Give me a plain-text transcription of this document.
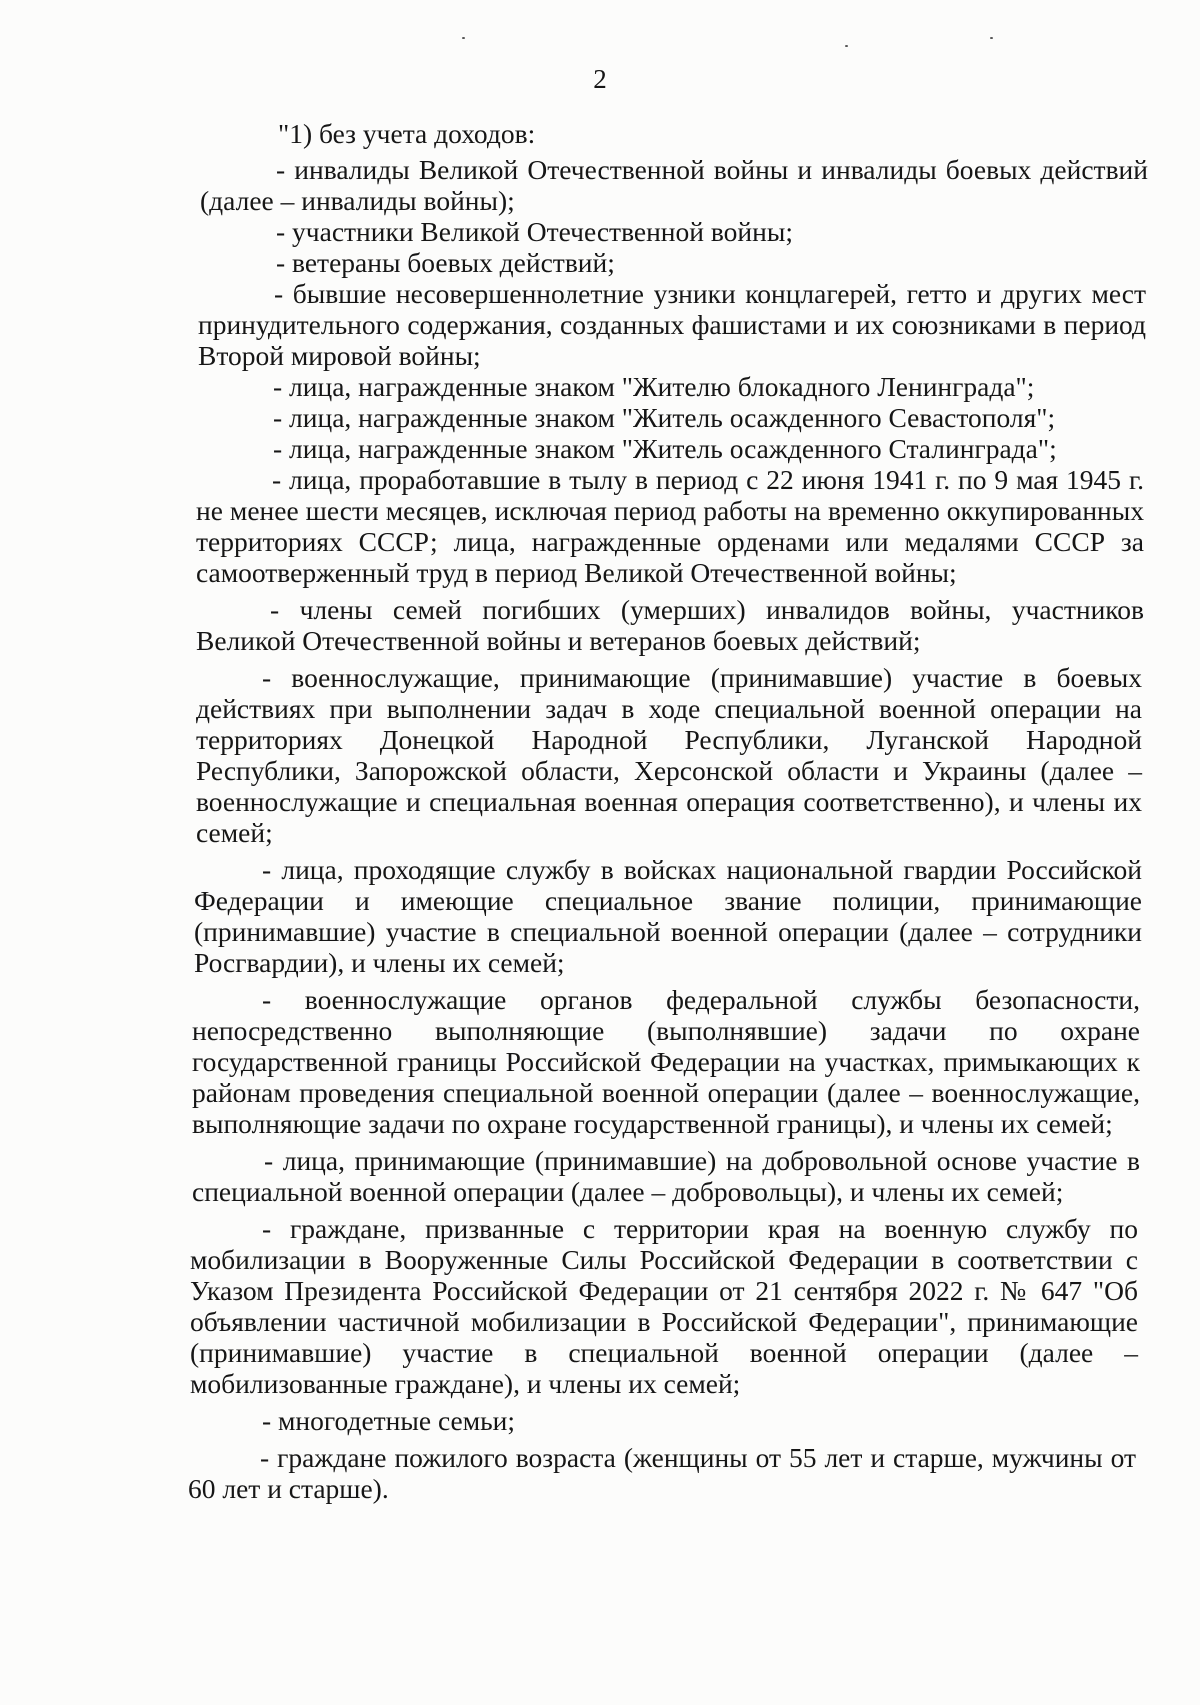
2

"1) без учета доходов:

- инвалиды Великой Отечественной войны и инвалиды боевых действий (далее – инвалиды войны);

- участники Великой Отечественной войны;

- ветераны боевых действий;

- бывшие несовершеннолетние узники концлагерей, гетто и других мест принудительного содержания, созданных фашистами и их союзниками в период Второй мировой войны;

- лица, награжденные знаком "Жителю блокадного Ленинграда";

- лица, награжденные знаком "Житель осажденного Севастополя";

- лица, награжденные знаком "Житель осажденного Сталинграда";

- лица, проработавшие в тылу в период с 22 июня 1941 г. по 9 мая 1945 г. не менее шести месяцев, исключая период работы на временно оккупированных территориях СССР; лица, награжденные орденами или медалями СССР за самоотверженный труд в период Великой Отечественной войны;

- члены семей погибших (умерших) инвалидов войны, участников Великой Отечественной войны и ветеранов боевых действий;

- военнослужащие, принимающие (принимавшие) участие в боевых действиях при выполнении задач в ходе специальной военной операции на территориях Донецкой Народной Республики, Луганской Народной Республики, Запорожской области, Херсонской области и Украины (далее – военнослужащие и специальная военная операция соответственно), и члены их семей;

- лица, проходящие службу в войсках национальной гвардии Российской Федерации и имеющие специальное звание полиции, принимающие (принимавшие) участие в специальной военной операции (далее – сотрудники Росгвардии), и члены их семей;

- военнослужащие органов федеральной службы безопасности, непосредственно выполняющие (выполнявшие) задачи по охране государственной границы Российской Федерации на участках, примыкающих к районам проведения специальной военной операции (далее – военнослужащие, выполняющие задачи по охране государственной границы), и члены их семей;

- лица, принимающие (принимавшие) на добровольной основе участие в специальной военной операции (далее – добровольцы), и члены их семей;

- граждане, призванные с территории края на военную службу по мобилизации в Вооруженные Силы Российской Федерации в соответствии с Указом Президента Российской Федерации от 21 сентября 2022 г. № 647 "Об объявлении частичной мобилизации в Российской Федерации", принимающие (принимавшие) участие в специальной военной операции (далее – мобилизованные граждане), и члены их семей;

- многодетные семьи;

- граждане пожилого возраста (женщины от 55 лет и старше, мужчины от 60 лет и старше).
